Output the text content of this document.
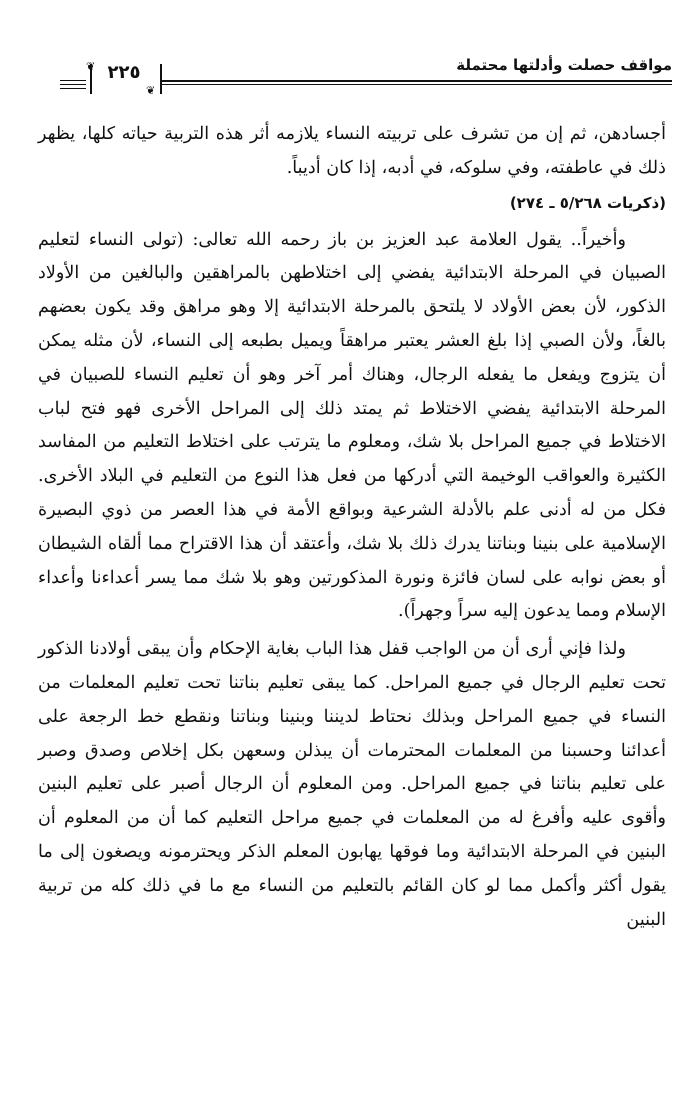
مواقف حصلت وأدلتها محتملة
❦
❦
٢٢٥

أجسادهن، ثم إن من تشرف على تربيته النساء يلازمه أثر هذه التربية حياته كلها، يظهر ذلك في عاطفته، وفي سلوكه، في أدبه، إذا كان أديباً.

(ذكريات ٥/٢٦٨ ـ ٢٧٤)

وأخيراً.. يقول العلامة عبد العزيز بن باز رحمه الله تعالى: (تولى النساء لتعليم الصبيان في المرحلة الابتدائية يفضي إلى اختلاطهن بالمراهقين والبالغين من الأولاد الذكور، لأن بعض الأولاد لا يلتحق بالمرحلة الابتدائية إلا وهو مراهق وقد يكون بعضهم بالغاً، ولأن الصبي إذا بلغ العشر يعتبر مراهقاً ويميل بطبعه إلى النساء، لأن مثله يمكن أن يتزوج ويفعل ما يفعله الرجال، وهناك أمر آخر وهو أن تعليم النساء للصبيان في المرحلة الابتدائية يفضي الاختلاط ثم يمتد ذلك إلى المراحل الأخرى فهو فتح لباب الاختلاط في جميع المراحل بلا شك، ومعلوم ما يترتب على اختلاط التعليم من المفاسد الكثيرة والعواقب الوخيمة التي أدركها من فعل هذا النوع من التعليم في البلاد الأخرى. فكل من له أدنى علم بالأدلة الشرعية وبواقع الأمة في هذا العصر من ذوي البصيرة الإسلامية على بنينا وبناتنا يدرك ذلك بلا شك، وأعتقد أن هذا الاقتراح مما ألقاه الشيطان أو بعض نوابه على لسان فائزة ونورة المذكورتين وهو بلا شك مما يسر أعداءنا وأعداء الإسلام ومما يدعون إليه سراً وجهراً).

ولذا فإني أرى أن من الواجب قفل هذا الباب بغاية الإحكام وأن يبقى أولادنا الذكور تحت تعليم الرجال في جميع المراحل. كما يبقى تعليم بناتنا تحت تعليم المعلمات من النساء في جميع المراحل وبذلك نحتاط لديننا وبنينا وبناتنا ونقطع خط الرجعة على أعدائنا وحسبنا من المعلمات المحترمات أن يبذلن وسعهن بكل إخلاص وصدق وصبر على تعليم بناتنا في جميع المراحل. ومن المعلوم أن الرجال أصبر على تعليم البنين وأقوى عليه وأفرغ له من المعلمات في جميع مراحل التعليم كما أن من المعلوم أن البنين في المرحلة الابتدائية وما فوقها يهابون المعلم الذكر ويحترمونه ويصغون إلى ما يقول أكثر وأكمل مما لو كان القائم بالتعليم من النساء مع ما في ذلك كله من تربية البنين
